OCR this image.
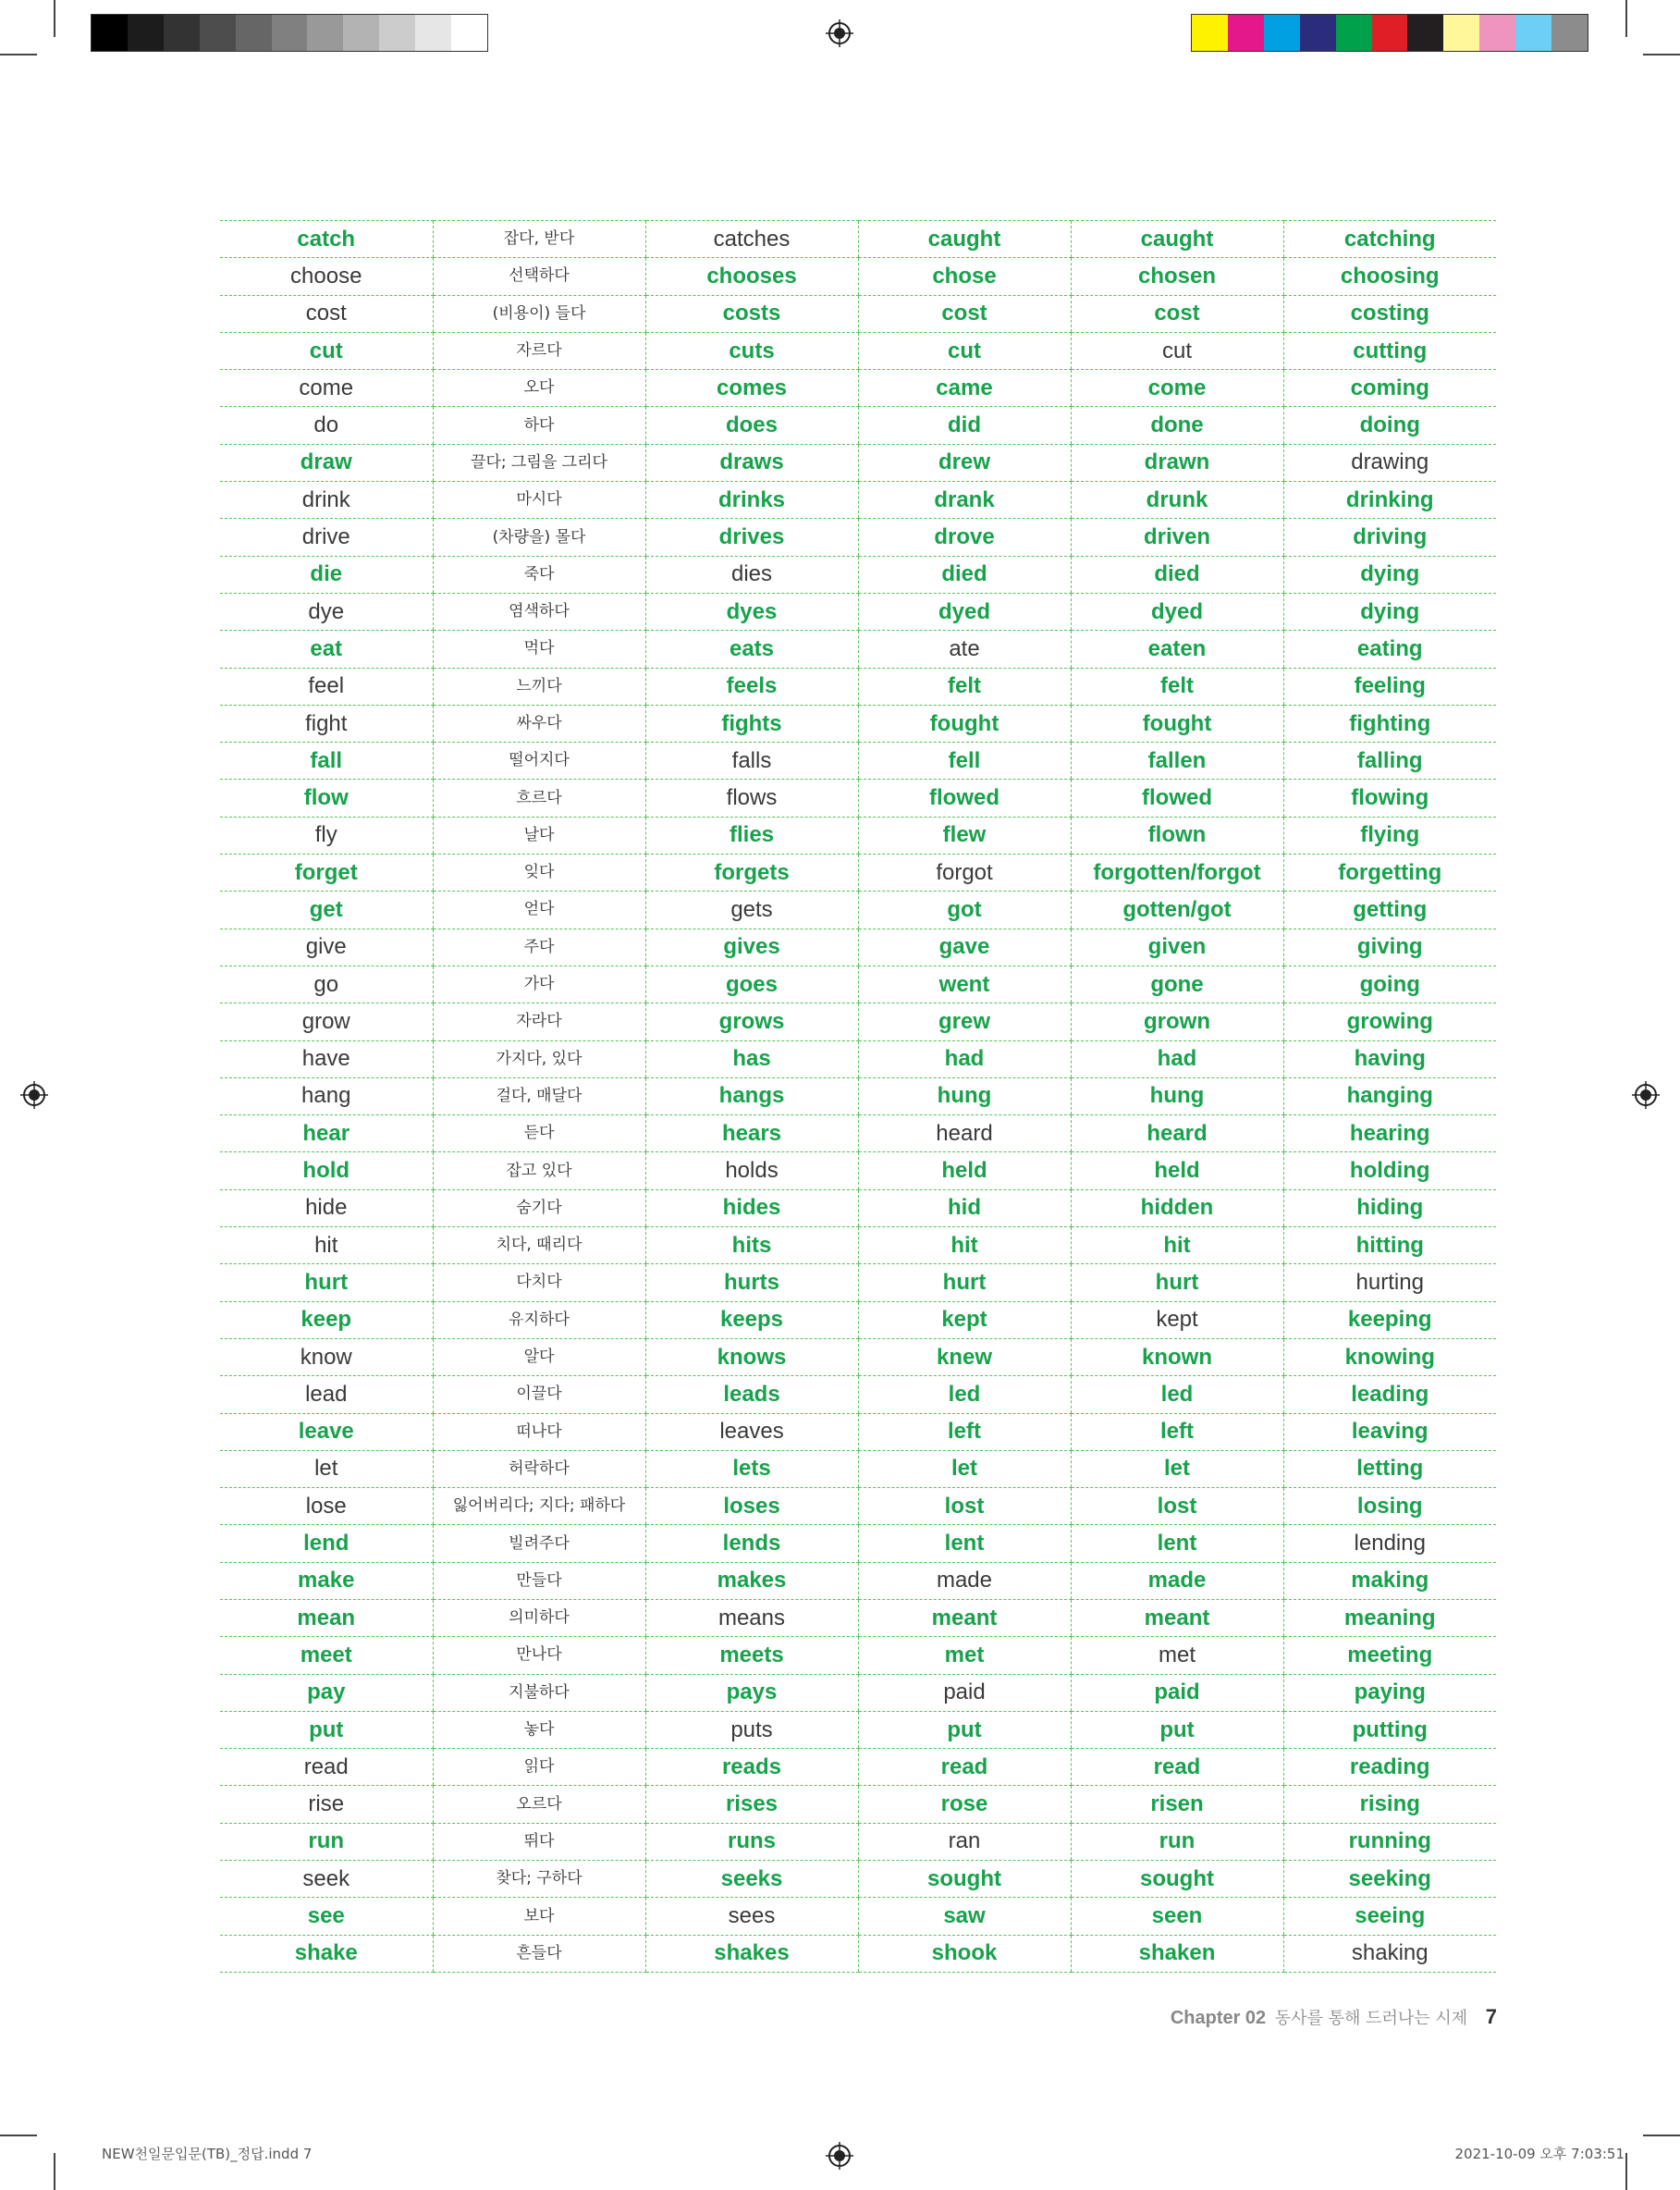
catch	잡다, 받다	catches	caught	caught	catching
choose	선택하다	chooses	chose	chosen	choosing
cost	(비용이) 들다	costs	cost	cost	costing
cut	자르다	cuts	cut	cut	cutting
come	오다	comes	came	come	coming
do	하다	does	did	done	doing
draw	끌다; 그림을 그리다	draws	drew	drawn	drawing
drink	마시다	drinks	drank	drunk	drinking
drive	(차량을) 몰다	drives	drove	driven	driving
die	죽다	dies	died	died	dying
dye	염색하다	dyes	dyed	dyed	dying
eat	먹다	eats	ate	eaten	eating
feel	느끼다	feels	felt	felt	feeling
fight	싸우다	fights	fought	fought	fighting
fall	떨어지다	falls	fell	fallen	falling
flow	흐르다	flows	flowed	flowed	flowing
fly	날다	flies	flew	flown	flying
forget	잊다	forgets	forgot	forgotten/forgot	forgetting
get	얻다	gets	got	gotten/got	getting
give	주다	gives	gave	given	giving
go	가다	goes	went	gone	going
grow	자라다	grows	grew	grown	growing
have	가지다, 있다	has	had	had	having
hang	걸다, 매달다	hangs	hung	hung	hanging
hear	듣다	hears	heard	heard	hearing
hold	잡고 있다	holds	held	held	holding
hide	숨기다	hides	hid	hidden	hiding
hit	치다, 때리다	hits	hit	hit	hitting
hurt	다치다	hurts	hurt	hurt	hurting
keep	유지하다	keeps	kept	kept	keeping
know	알다	knows	knew	known	knowing
lead	이끌다	leads	led	led	leading
leave	떠나다	leaves	left	left	leaving
let	허락하다	lets	let	let	letting
lose	잃어버리다; 지다; 패하다	loses	lost	lost	losing
lend	빌려주다	lends	lent	lent	lending
make	만들다	makes	made	made	making
mean	의미하다	means	meant	meant	meaning
meet	만나다	meets	met	met	meeting
pay	지불하다	pays	paid	paid	paying
put	놓다	puts	put	put	putting
read	읽다	reads	read	read	reading
rise	오르다	rises	rose	risen	rising
run	뛰다	runs	ran	run	running
seek	찾다; 구하다	seeks	sought	sought	seeking
see	보다	sees	saw	seen	seeing
shake	흔들다	shakes	shook	shaken	shaking
Chapter 02 동사를 통해 드러나는 시제 7
NEW천일문입문(TB)_정답.indd 7	2021-10-09 오후 7:03:51
